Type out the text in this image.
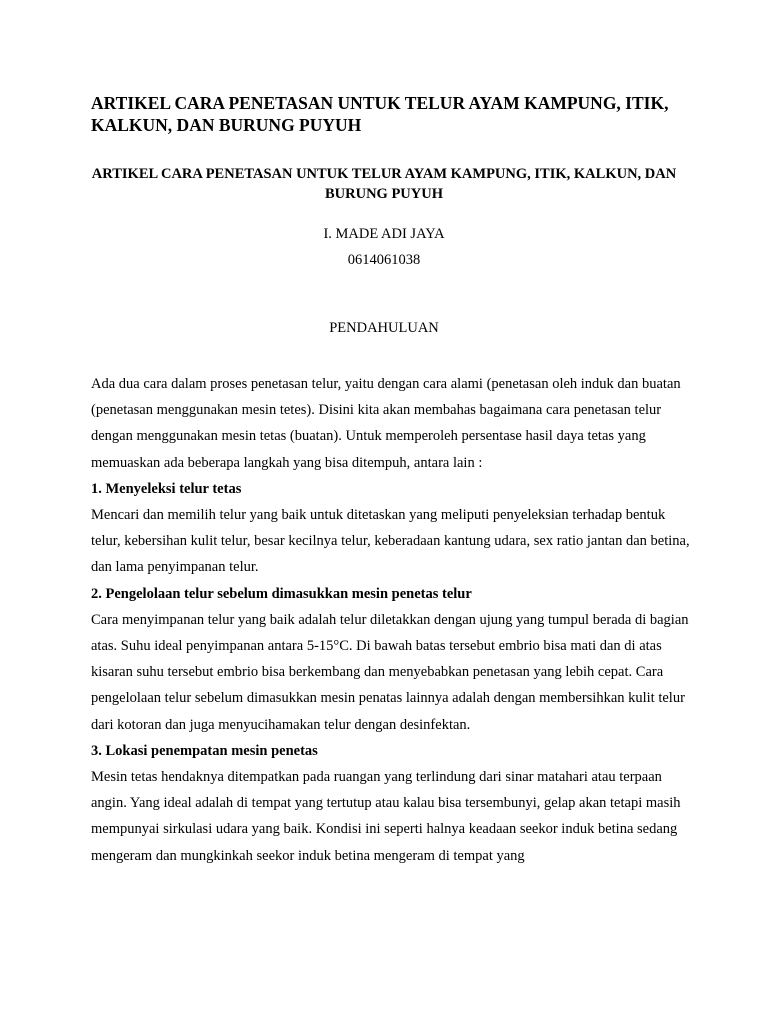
ARTIKEL CARA PENETASAN UNTUK TELUR AYAM KAMPUNG, ITIK, KALKUN, DAN BURUNG PUYUH
ARTIKEL CARA PENETASAN UNTUK TELUR AYAM KAMPUNG, ITIK, KALKUN, DAN BURUNG PUYUH
I. MADE ADI JAYA
0614061038
PENDAHULUAN

Ada dua cara dalam proses penetasan telur, yaitu dengan cara alami (penetasan oleh induk dan buatan (penetasan menggunakan mesin tetes). Disini kita akan membahas bagaimana cara penetasan telur dengan menggunakan mesin tetas (buatan). Untuk memperoleh persentase hasil daya tetas yang memuaskan ada beberapa langkah yang bisa ditempuh, antara lain :

1. Menyeleksi telur tetas

Mencari dan memilih telur yang baik untuk ditetaskan yang meliputi penyeleksian terhadap bentuk telur, kebersihan kulit telur, besar kecilnya telur, keberadaan kantung udara, sex ratio jantan dan betina, dan lama penyimpanan telur.

2. Pengelolaan telur sebelum dimasukkan mesin penetas telur

Cara menyimpanan telur yang baik adalah telur diletakkan dengan ujung yang tumpul berada di bagian atas. Suhu ideal penyimpanan antara 5-15°C. Di bawah batas tersebut embrio bisa mati dan di atas kisaran suhu tersebut embrio bisa berkembang dan menyebabkan penetasan yang lebih cepat. Cara pengelolaan telur sebelum dimasukkan mesin penatas lainnya adalah dengan membersihkan kulit telur dari kotoran dan juga menyucihamakan telur dengan desinfektan.

3. Lokasi penempatan mesin penetas

Mesin tetas hendaknya ditempatkan pada ruangan yang terlindung dari sinar matahari atau terpaan angin. Yang ideal adalah di tempat yang tertutup atau kalau bisa tersembunyi, gelap akan tetapi masih mempunyai sirkulasi udara yang baik. Kondisi ini seperti halnya keadaan seekor induk betina sedang mengeram dan mungkinkah seekor induk betina mengeram di tempat yang
